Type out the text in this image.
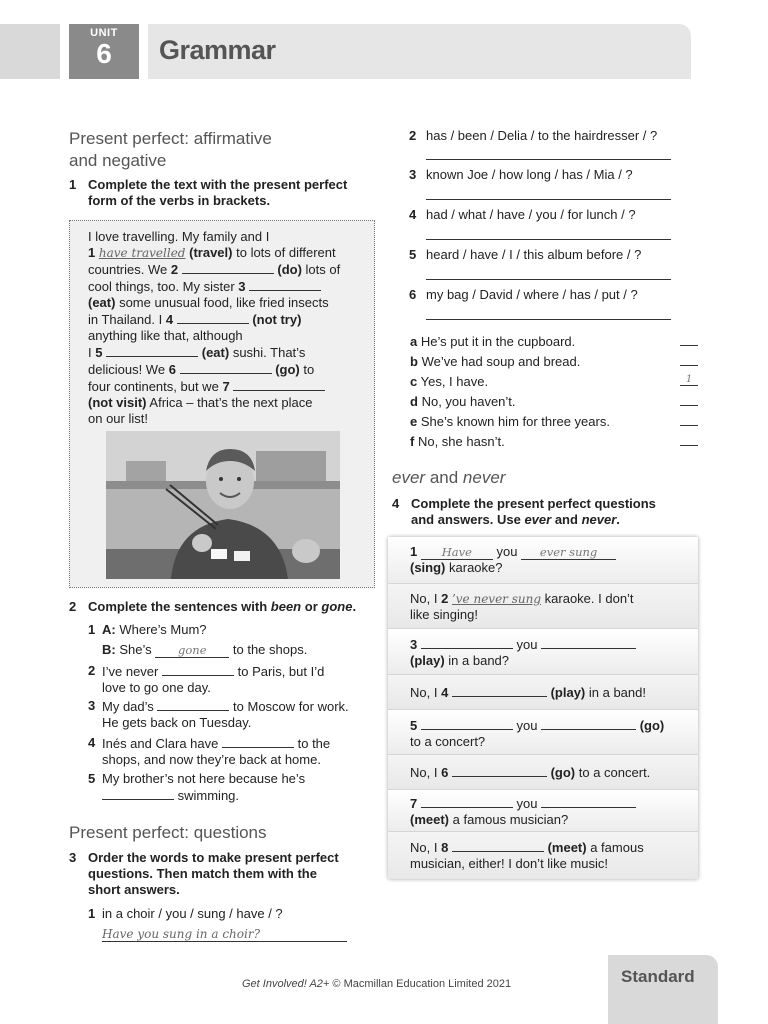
UNIT
6	Grammar
Present perfect: affirmative
and negative
1 Complete the text with the present perfect
form of the verbs in brackets.
I love travelling. My family and I
1 have travelled (travel) to lots of different
countries. We 2	(do) lots of
cool things, too. My sister 3
(eat) some unusual food, like fried insects
in Thailand. I 4	(not try)
anything like that, although
I 5	(eat) sushi. That’s
delicious! We 6	(go) to
four continents, but we 7
(not visit) Africa – that’s the next place
on our list!
2 Complete the sentences with been or gone.
1 A: Where’s Mum?
B: She’s gone to the shops.
2 I’ve never	to Paris, but I’d
love to go one day.
3 My dad’s	to Moscow for work.
He gets back on Tuesday.
4 Inés and Clara have	to the
shops, and now they’re back at home.
5 My brother’s not here because he’s
swimming.
Present perfect: questions
3 Order the words to make present perfect
questions. Then match them with the
short answers.
1 in a choir / you / sung / have / ?
Have you sung in a choir?
2 has / been / Delia / to the hairdresser / ?
3 known Joe / how long / has / Mia / ?
4 had / what / have / you / for lunch / ?
5 heard / have / I / this album before / ?
6 my bag / David / where / has / put / ?
a He’s put it in the cupboard.
b We’ve had soup and bread.
c Yes, I have.	1
d No, you haven’t.
e She’s known him for three years.
f No, she hasn’t.
ever and never
4 Complete the present perfect questions
and answers. Use ever and never.
1 Have you ever sung
(sing) karaoke?
No, I 2 ’ve never sung karaoke. I don’t
like singing!
3	you
(play) in a band?
No, I 4	(play) in a band!
5	you	(go)
to a concert?
No, I 6	(go) to a concert.
7	you
(meet) a famous musician?
No, I 8	(meet) a famous
musician, either! I don’t like music!
Get Involved! A2+ © Macmillan Education Limited 2021	Standard
